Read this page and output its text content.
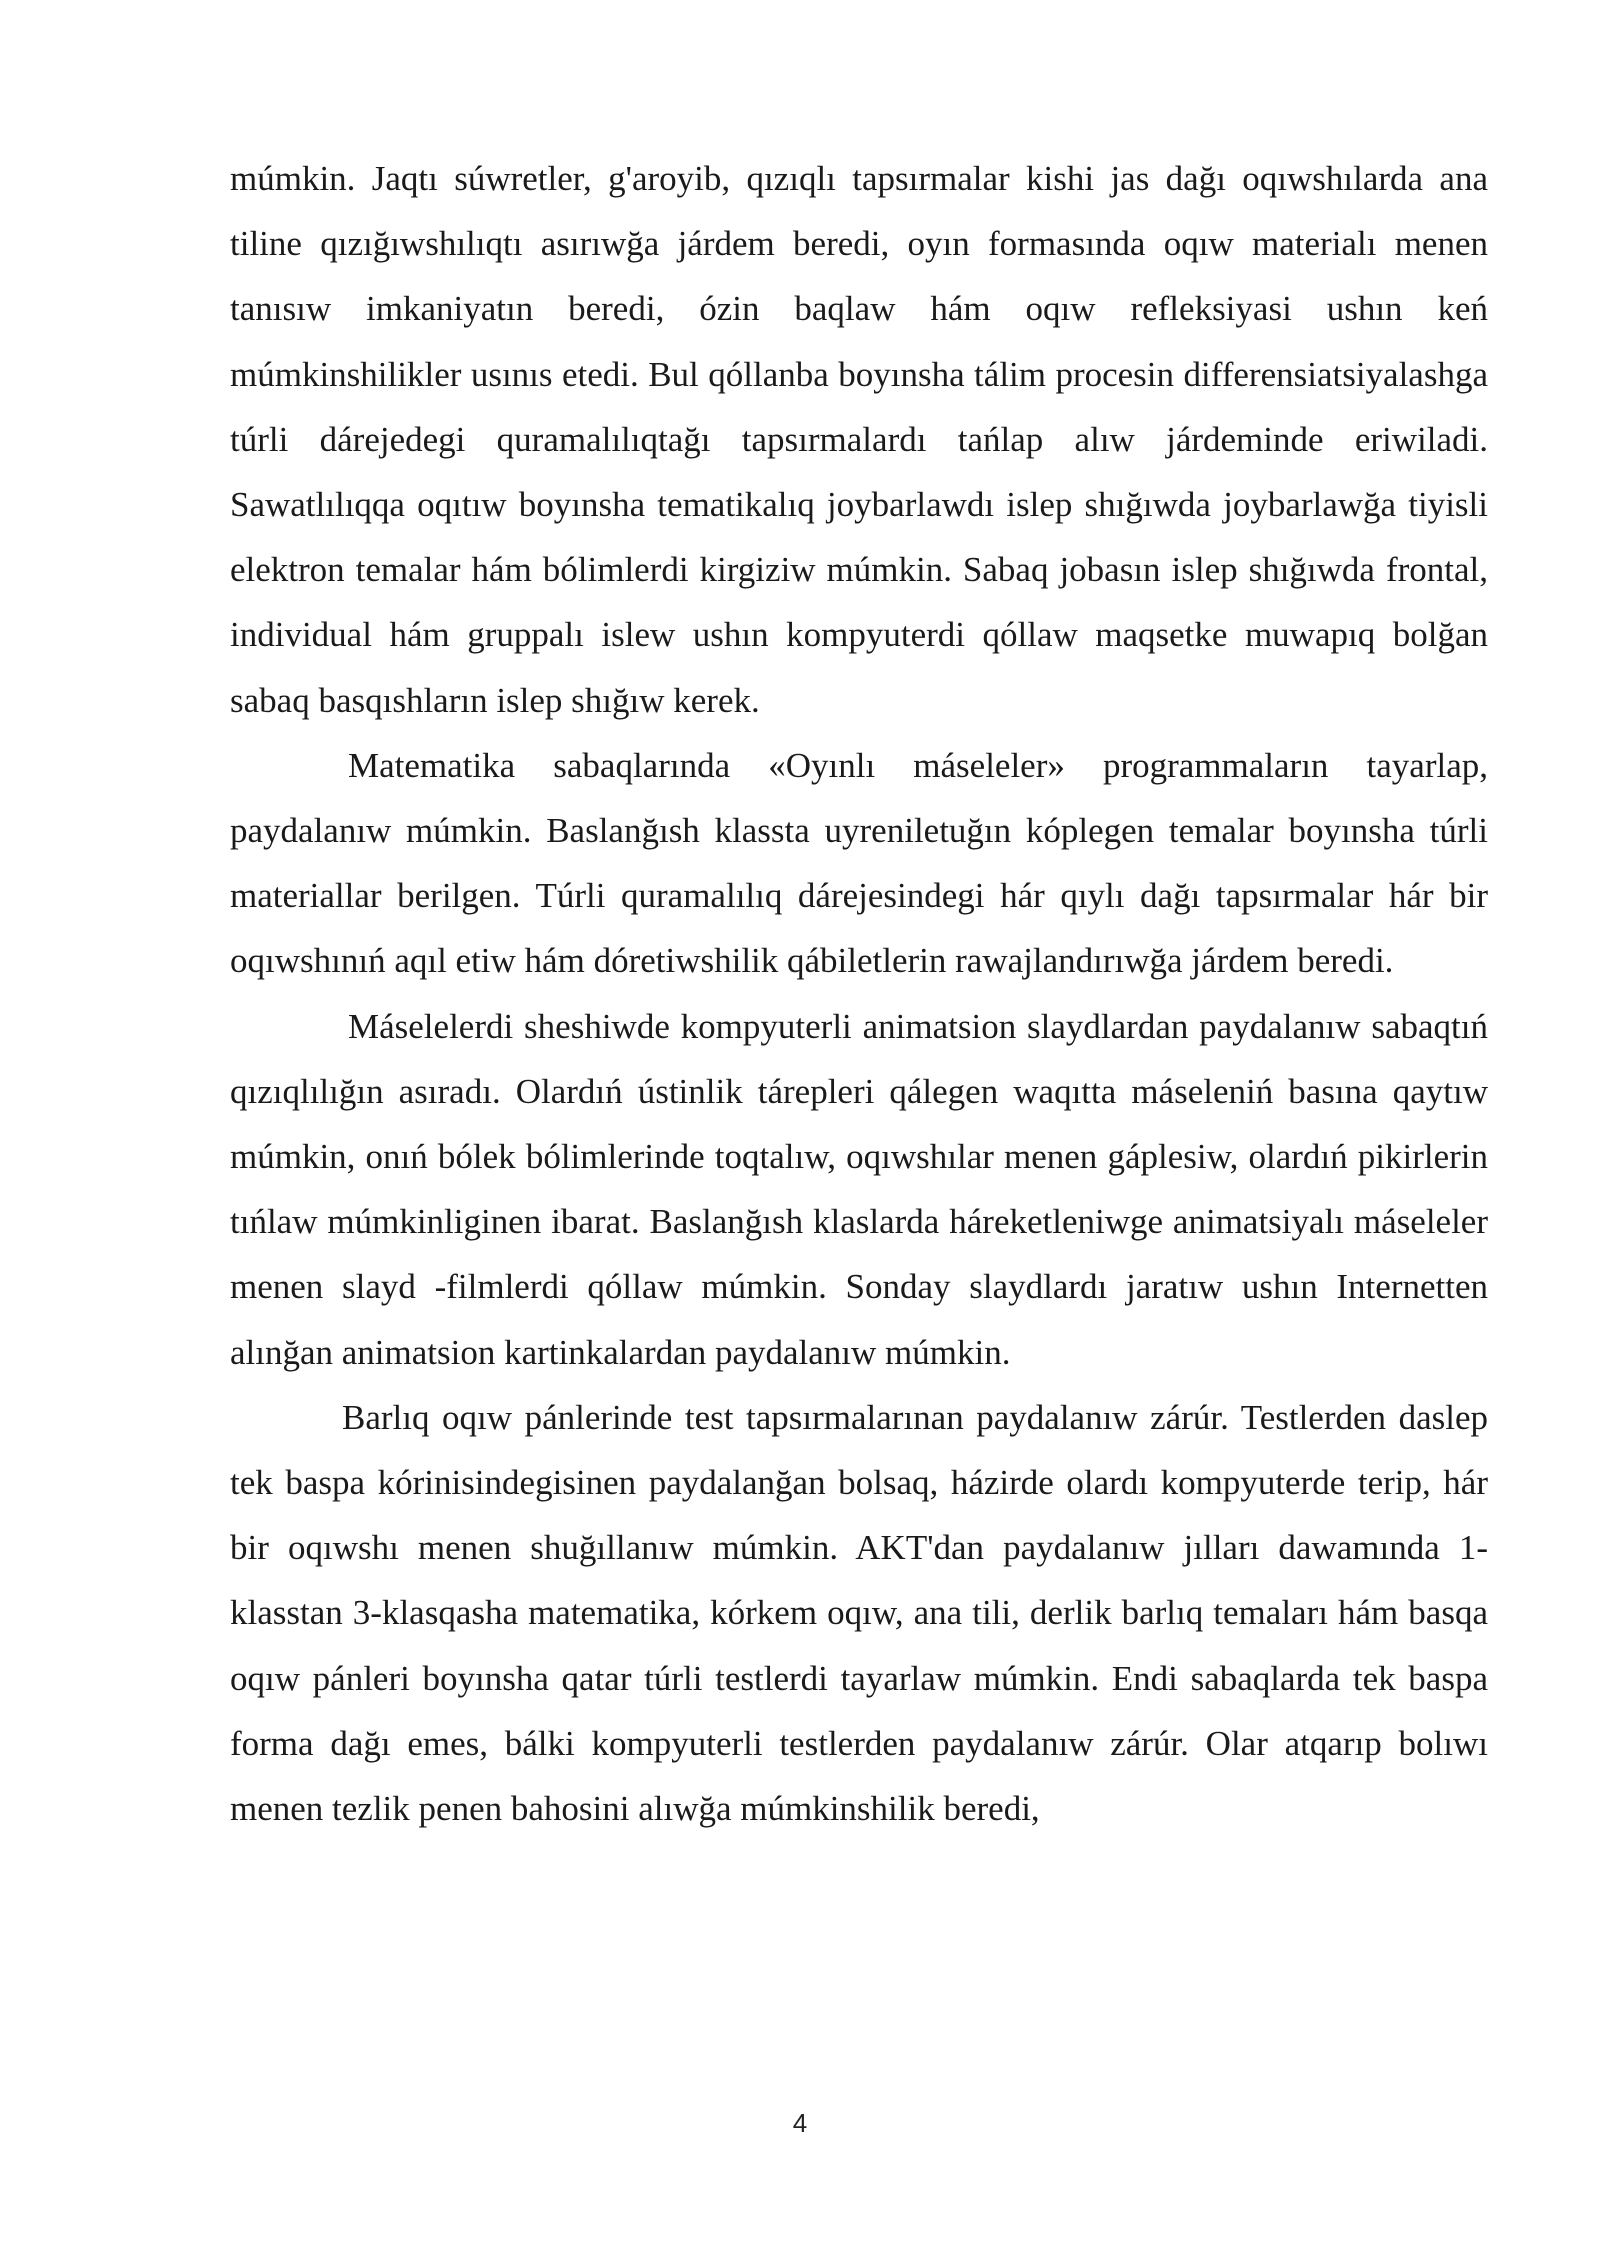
múmkin. Jaqtı súwretler, g'aroyib, qızıqlı tapsırmalar kishi jas dağı oqıwshılarda ana tiline qızığıwshılıqtı asırıwğa járdem beredi, oyın formasında oqıw materialı menen tanısıw imkaniyatın beredi, ózin baqlaw hám oqıw refleksiyasi ushın keń múmkinshilikler usınıs etedi. Bul qóllanba boyınsha tálim procesin differensiatsiyalashga túrli dárejedegi quramalılıqtağı tapsırmalardı tańlap alıw járdeminde eriwiladi. Sawatlılıqqa oqıtıw boyınsha tematikalıq joybarlawdı islep shığıwda joybarlawğa tiyisli elektron temalar hám bólimlerdi kirgiziw múmkin. Sabaq jobasın islep shığıwda frontal, individual hám gruppalı islew ushın kompyuterdi qóllaw maqsetke muwapıq bolğan sabaq basqıshların islep shığıw kerek.

Matematika sabaqlarında «Oyınlı máseleler» programmaların tayarlap, paydalanıw múmkin. Baslanğısh klassta uyreniletuğın kóplegen temalar boyınsha túrli materiallar berilgen. Túrli quramalılıq dárejesindegi hár qıylı dağı tapsırmalar hár bir oqıwshınıń aqıl etiw hám dóretiwshilik qábiletlerin rawajlandırıwğa járdem beredi.

Máselelerdi sheshiwde kompyuterli animatsion slaydlardan paydalanıw sabaqtıń qızıqlılığın asıradı. Olardıń ústinlik tárepleri qálegen waqıtta máseleniń basına qaytıw múmkin, onıń bólek bólimlerinde toqtalıw, oqıwshılar menen gáplesiw, olardıń pikirlerin tıńlaw múmkinliginen ibarat. Baslanğısh klaslarda háreketleniwge animatsiyalı máseleler menen slayd -filmlerdi qóllaw múmkin. Sonday slaydlardı jaratıw ushın Internetten alınğan animatsion kartinkalardan paydalanıw múmkin.

Barlıq oqıw pánlerinde test tapsırmalarınan paydalanıw zárúr. Testlerden daslep tek baspa kórinisindegisinen paydalanğan bolsaq, házirde olardı kompyuterde terip, hár bir oqıwshı menen shuğıllanıw múmkin. AKT'dan paydalanıw jılları dawamında 1-klasstan 3-klasqasha matematika, kórkem oqıw, ana tili, derlik barlıq temaları hám basqa oqıw pánleri boyınsha qatar túrli testlerdi tayarlaw múmkin. Endi sabaqlarda tek baspa forma dağı emes, bálki kompyuterli testlerden paydalanıw zárúr. Olar atqarıp bolıwı menen tezlik penen bahosini alıwğa múmkinshilik beredi,

4
